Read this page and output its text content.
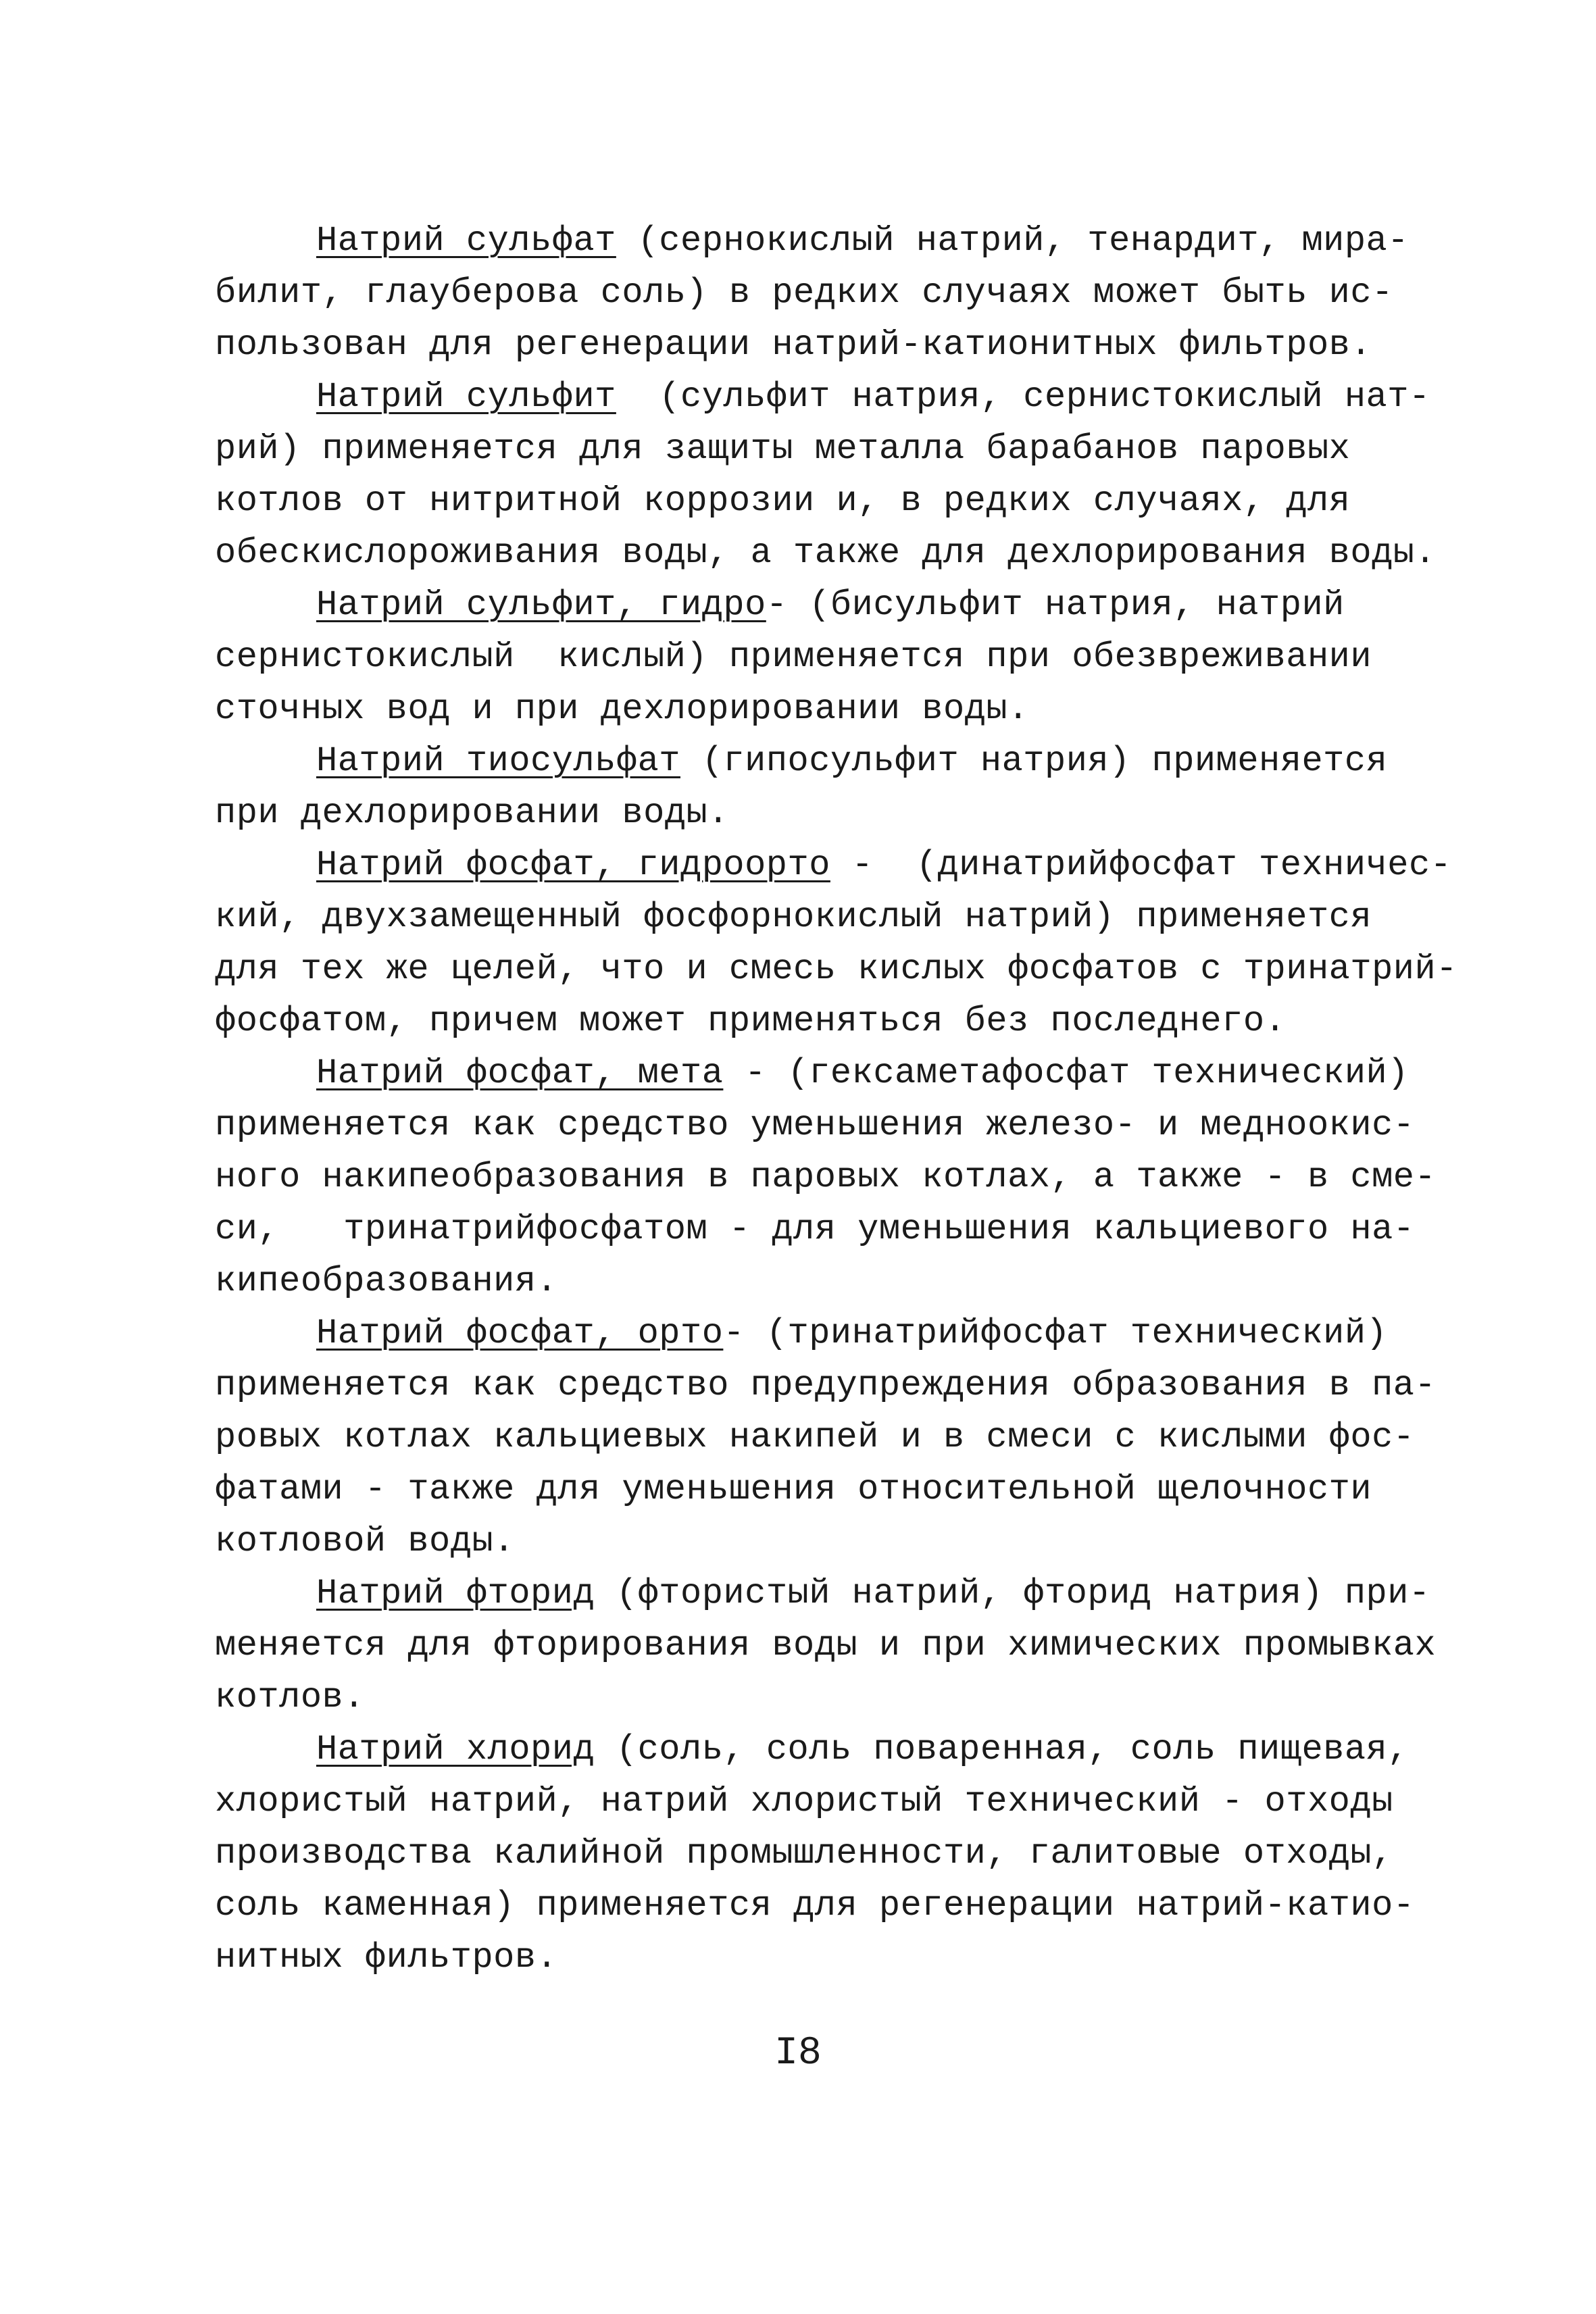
Натрий сульфат (сернокислый натрий, тенардит, мира-
билит, глауберова соль) в редких случаях может быть ис-
пользован для регенерации натрий-катионитных фильтров.
Натрий сульфит  (сульфит натрия, сернистокислый нат-
рий) применяется для защиты металла барабанов паровых
котлов от нитритной коррозии и, в редких случаях, для
обескислороживания воды, а также для дехлорирования воды.
Натрий сульфит, гидро- (бисульфит натрия, натрий
сернистокислый  кислый) применяется при обезвреживании
сточных вод и при дехлорировании воды.
Натрий тиосульфат (гипосульфит натрия) применяется
при дехлорировании воды.
Натрий фосфат, гидроорто -  (динатрийфосфат техничес-
кий, двухзамещенный фосфорнокислый натрий) применяется
для тех же целей, что и смесь кислых фосфатов с тринатрий-
фосфатом, причем может применяться без последнего.
Натрий фосфат, мета - (гексаметафосфат технический)
применяется как средство уменьшения железо- и медноокис-
ного накипеобразования в паровых котлах, а также - в сме-
си,   тринатрийфосфатом - для уменьшения кальциевого на-
кипеобразования.
Натрий фосфат, орто- (тринатрийфосфат технический)
применяется как средство предупреждения образования в па-
ровых котлах кальциевых накипей и в смеси с кислыми фос-
фатами - также для уменьшения относительной щелочности
котловой воды.
Натрий фторид (фтористый натрий, фторид натрия) при-
меняется для фторирования воды и при химических промывках
котлов.
Натрий хлорид (соль, соль поваренная, соль пищевая,
хлористый натрий, натрий хлористый технический - отходы
производства калийной промышленности, галитовые отходы,
соль каменная) применяется для регенерации натрий-катио-
нитных фильтров.
I8
